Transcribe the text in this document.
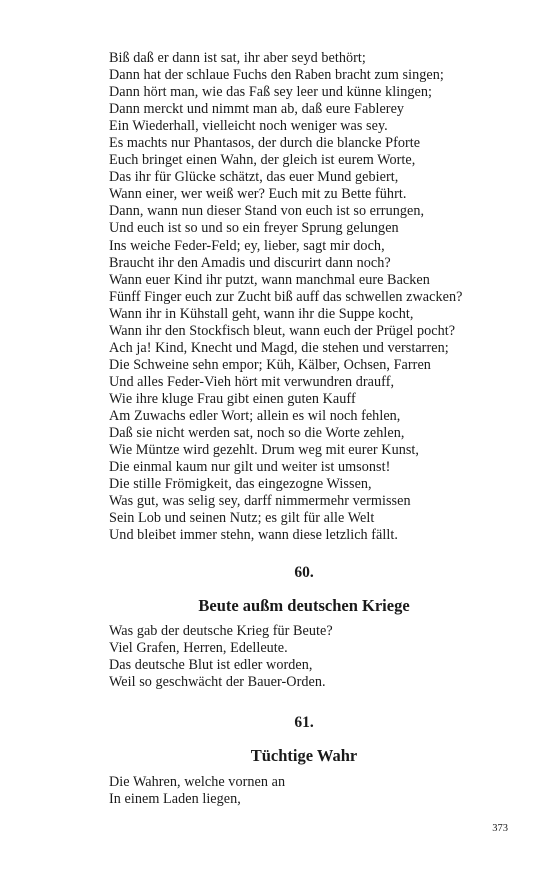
Biß daß er dann ist sat, ihr aber seyd bethört;
Dann hat der schlaue Fuchs den Raben bracht zum singen;
Dann hört man, wie das Faß sey leer und künne klingen;
Dann merckt und nimmt man ab, daß eure Fablerey
Ein Wiederhall, vielleicht noch weniger was sey.
Es machts nur Phantasos, der durch die blancke Pforte
Euch bringet einen Wahn, der gleich ist eurem Worte,
Das ihr für Glücke schätzt, das euer Mund gebiert,
Wann einer, wer weiß wer? Euch mit zu Bette führt.
Dann, wann nun dieser Stand von euch ist so errungen,
Und euch ist so und so ein freyer Sprung gelungen
Ins weiche Feder-Feld; ey, lieber, sagt mir doch,
Braucht ihr den Amadis und discurirt dann noch?
Wann euer Kind ihr putzt, wann manchmal eure Backen
Fünff Finger euch zur Zucht biß auff das schwellen zwacken?
Wann ihr in Kühstall geht, wann ihr die Suppe kocht,
Wann ihr den Stockfisch bleut, wann euch der Prügel pocht?
Ach ja! Kind, Knecht und Magd, die stehen und verstarren;
Die Schweine sehn empor; Küh, Kälber, Ochsen, Farren
Und alles Feder-Vieh hört mit verwundren drauff,
Wie ihre kluge Frau gibt einen guten Kauff
Am Zuwachs edler Wort; allein es wil noch fehlen,
Daß sie nicht werden sat, noch so die Worte zehlen,
Wie Müntze wird gezehlt. Drum weg mit eurer Kunst,
Die einmal kaum nur gilt und weiter ist umsonst!
Die stille Frömigkeit, das eingezogne Wissen,
Was gut, was selig sey, darff nimmermehr vermissen
Sein Lob und seinen Nutz; es gilt für alle Welt
Und bleibet immer stehn, wann diese letzlich fällt.
60.
Beute außm deutschen Kriege
Was gab der deutsche Krieg für Beute?
Viel Grafen, Herren, Edelleute.
Das deutsche Blut ist edler worden,
Weil so geschwächt der Bauer-Orden.
61.
Tüchtige Wahr
Die Wahren, welche vornen an
In einem Laden liegen,
373
